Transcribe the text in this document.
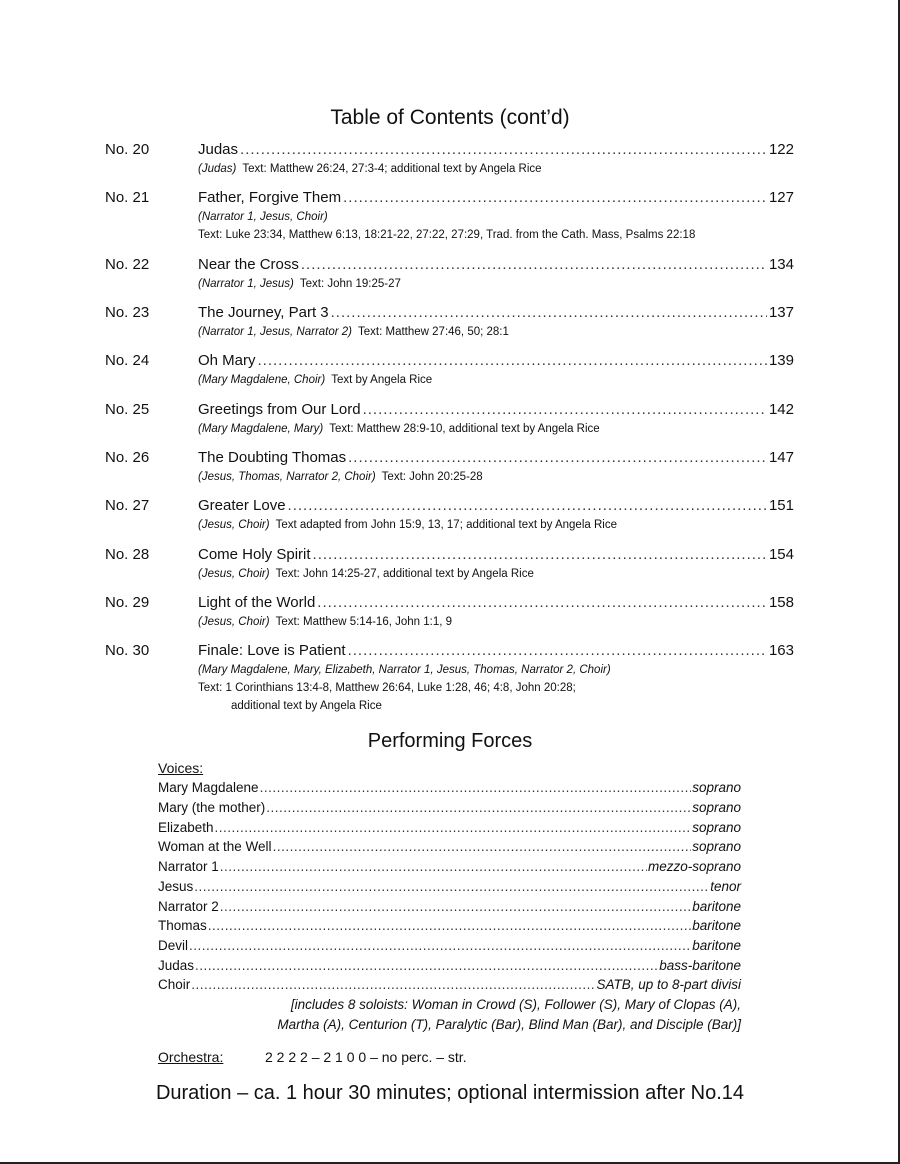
Table of Contents (cont’d)
No. 20	Judas .....	122
(Judas) Text: Matthew 26:24, 27:3-4; additional text by Angela Rice
No. 21	Father, Forgive Them .....	127
(Narrator 1, Jesus, Choir)
Text: Luke 23:34, Matthew 6:13, 18:21-22, 27:22, 27:29, Trad. from the Cath. Mass, Psalms 22:18
No. 22	Near the Cross .....	134
(Narrator 1, Jesus) Text: John 19:25-27
No. 23	The Journey, Part 3 .....	137
(Narrator 1, Jesus, Narrator 2) Text: Matthew 27:46, 50; 28:1
No. 24	Oh Mary .....	139
(Mary Magdalene, Choir) Text by Angela Rice
No. 25	Greetings from Our Lord .....	142
(Mary Magdalene, Mary) Text: Matthew 28:9-10, additional text by Angela Rice
No. 26	The Doubting Thomas .....	147
(Jesus, Thomas, Narrator 2, Choir) Text: John 20:25-28
No. 27	Greater Love .....	151
(Jesus, Choir) Text adapted from John 15:9, 13, 17; additional text by Angela Rice
No. 28	Come Holy Spirit .....	154
(Jesus, Choir) Text: John 14:25-27, additional text by Angela Rice
No. 29	Light of the World .....	158
(Jesus, Choir) Text: Matthew 5:14-16, John 1:1, 9
No. 30	Finale: Love is Patient .....	163
(Mary Magdalene, Mary, Elizabeth, Narrator 1, Jesus, Thomas, Narrator 2, Choir)
Text: 1 Corinthians 13:4-8, Matthew 26:64, Luke 1:28, 46; 4:8, John 20:28;
additional text by Angela Rice
Performing Forces
Voices:
Mary Magdalene .....	soprano
Mary (the mother) .....	soprano
Elizabeth .....	soprano
Woman at the Well .....	soprano
Narrator 1 .....	mezzo-soprano
Jesus .....	tenor
Narrator 2 .....	baritone
Thomas .....	baritone
Devil .....	baritone
Judas .....	bass-baritone
Choir .....	SATB, up to 8-part divisi
[includes 8 soloists: Woman in Crowd (S), Follower (S), Mary of Clopas (A),
Martha (A), Centurion (T), Paralytic (Bar), Blind Man (Bar), and Disciple (Bar)]
Orchestra:	2 2 2 2 – 2 1 0 0 – no perc. – str.
Duration – ca. 1 hour 30 minutes; optional intermission after No.14
